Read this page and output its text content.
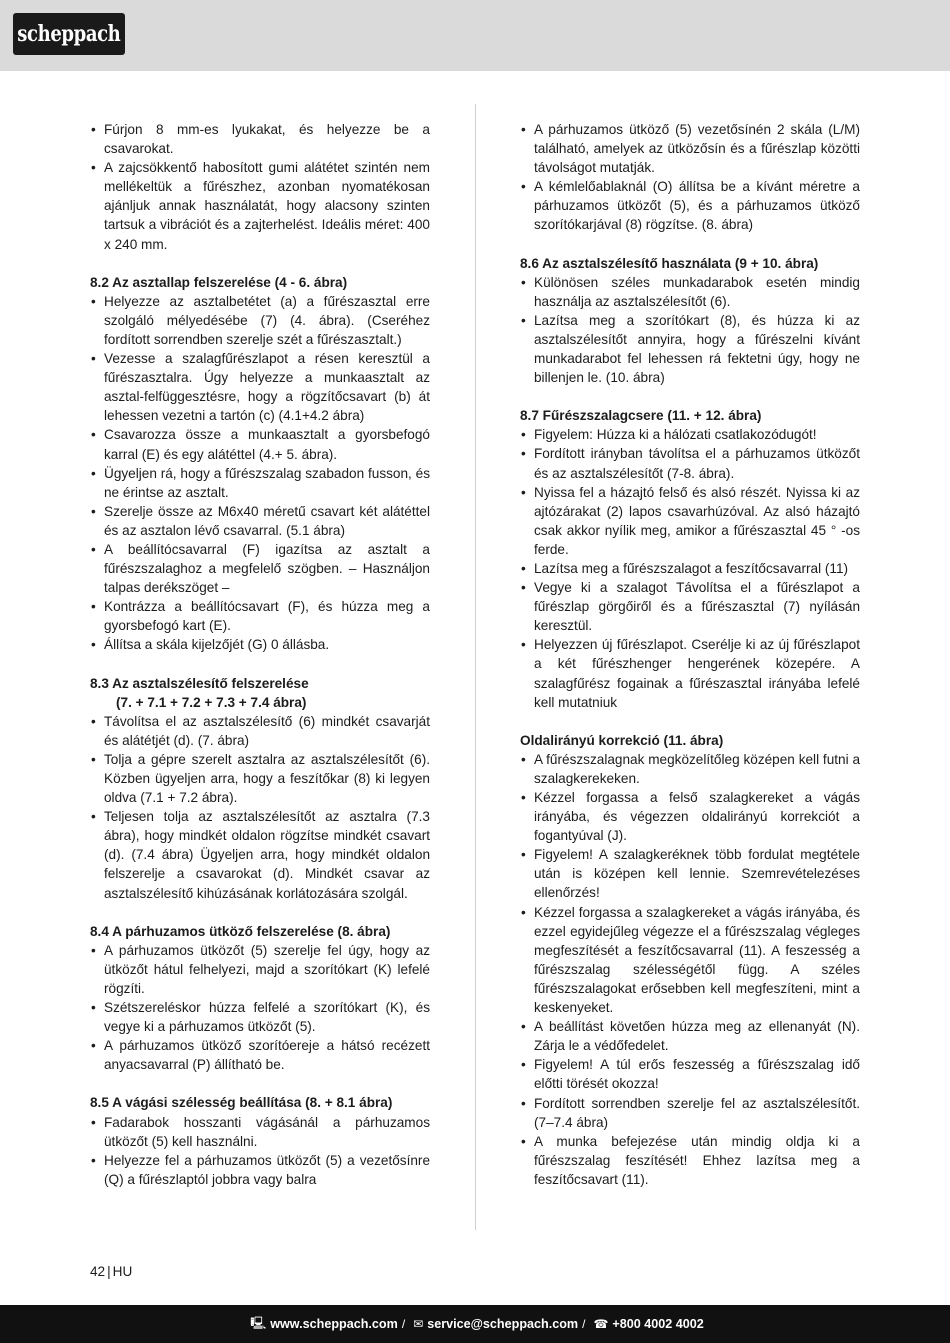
scheppach
• Fúrjon 8 mm-es lyukakat, és helyezze be a csavarokat.
• A zajcsökkentő habosított gumi alátétet szintén nem mellékeltük a fűrészhez, azonban nyomatékosan ajánljuk annak használatát, hogy alacsony szinten tartsuk a vibrációt és a zajterhelést. Ideális méret: 400 x 240 mm.
8.2 Az asztallap felszerelése (4 - 6. ábra)
• Helyezze az asztalbetétet (a) a fűrészasztal erre szolgáló mélyedésébe (7) (4. ábra). (Cseréhez fordított sorrendben szerelje szét a fűrészasztalt.)
• Vezesse a szalagfűrészlapot a résen keresztül a fűrészasztalra. Úgy helyezze a munkaasztalt az asztal-felfüggesztésre, hogy a rögzítőcsavart (b) át lehessen vezetni a tartón (c) (4.1+4.2 ábra)
• Csavarozza össze a munkaasztalt a gyorsbefogó karral (E) és egy alátéttel (4.+ 5. ábra).
• Ügyeljen rá, hogy a fűrészszalag szabadon fusson, és ne érintse az asztalt.
• Szerelje össze az M6x40 méretű csavart két alátéttel és az asztalon lévő csavarral. (5.1 ábra)
• A beállítócsavarral (F) igazítsa az asztalt a fűrészszalaghoz a megfelelő szögben. – Használjon talpas derékszöget –
• Kontrázza a beállítócsavart (F), és húzza meg a gyorsbefogó kart (E).
• Állítsa a skála kijelzőjét (G) 0 állásba.
8.3 Az asztalszélesítő felszerelése
(7. + 7.1 + 7.2 + 7.3 + 7.4 ábra)
• Távolítsa el az asztalszélesítő (6) mindkét csavarját és alátétjét (d). (7. ábra)
• Tolja a gépre szerelt asztalra az asztalszélesítőt (6). Közben ügyeljen arra, hogy a feszítőkar (8) ki legyen oldva (7.1 + 7.2 ábra).
• Teljesen tolja az asztalszélesítőt az asztalra (7.3 ábra), hogy mindkét oldalon rögzítse mindkét csavart (d). (7.4 ábra) Ügyeljen arra, hogy mindkét oldalon felszerelje a csavarokat (d). Mindkét csavar az asztalszélesítő kihúzásának korlátozására szolgál.
8.4 A párhuzamos ütköző felszerelése (8. ábra)
• A párhuzamos ütközőt (5) szerelje fel úgy, hogy az ütközőt hátul felhelyezi, majd a szorítókart (K) lefelé rögzíti.
• Szétszereléskor húzza felfelé a szorítókart (K), és vegye ki a párhuzamos ütközőt (5).
• A párhuzamos ütköző szorítóereje a hátsó recézett anyacsavarral (P) állítható be.
8.5 A vágási szélesség beállítása (8. + 8.1 ábra)
• Fadarabok hosszanti vágásánál a párhuzamos ütközőt (5) kell használni.
• Helyezze fel a párhuzamos ütközőt (5) a vezetősínre (Q) a fűrészlaptól jobbra vagy balra
• A párhuzamos ütköző (5) vezetősínén 2 skála (L/M) található, amelyek az ütközősín és a fűrészlap közötti távolságot mutatják.
• A kémlelőablaknál (O) állítsa be a kívánt méretre a párhuzamos ütközőt (5), és a párhuzamos ütköző szorítókarjával (8) rögzítse. (8. ábra)
8.6 Az asztalszélesítő használata (9 + 10. ábra)
• Különösen széles munkadarabok esetén mindig használja az asztalszélesítőt (6).
• Lazítsa meg a szorítókart (8), és húzza ki az asztalszélesítőt annyira, hogy a fűrészelni kívánt munkadarabot fel lehessen rá fektetni úgy, hogy ne billenjen le. (10. ábra)
8.7 Fűrészszalagcsere (11. + 12. ábra)
• Figyelem: Húzza ki a hálózati csatlakozódugót!
• Fordított irányban távolítsa el a párhuzamos ütközőt és az asztalszélesítőt (7-8. ábra).
• Nyissa fel a házajtó felső és alsó részét. Nyissa ki az ajtózárakat (2) lapos csavarhúzóval. Az alsó házajtó csak akkor nyílik meg, amikor a fűrészasztal 45 ° -os ferde.
• Lazítsa meg a fűrészszalagot a feszítőcsavarral (11)
• Vegye ki a szalagot Távolítsa el a fűrészlapot a fűrészlap görgőiről és a fűrészasztal (7) nyílásán keresztül.
• Helyezzen új fűrészlapot. Cserélje ki az új fűrészlapot a két fűrészhenger hengerének közepére. A szalagfűrész fogainak a fűrészasztal irányába lefelé kell mutatniuk
Oldalirányú korrekció (11. ábra)
• A fűrészszalagnak megközelítőleg középen kell futni a szalagkerekeken.
• Kézzel forgassa a felső szalagkereket a vágás irányába, és végezzen oldalirányú korrekciót a fogantyúval (J).
• Figyelem! A szalagkeréknek több fordulat megtétele után is középen kell lennie. Szemrevételezéses ellenőrzés!
• Kézzel forgassa a szalagkereket a vágás irányába, és ezzel egyidejűleg végezze el a fűrészszalag végleges megfeszítését a feszítőcsavarral (11). A feszesség a fűrészszalag szélességétől függ. A széles fűrészszalagokat erősebben kell megfeszíteni, mint a keskenyeket.
• A beállítást követően húzza meg az ellenanyát (N). Zárja le a védőfedelet.
• Figyelem! A túl erős feszesség a fűrészszalag idő előtti törését okozza!
• Fordított sorrendben szerelje fel az asztalszélesítőt. (7–7.4 ábra)
• A munka befejezése után mindig oldja ki a fűrészszalag feszítését! Ehhez lazítsa meg a feszítőcsavart (11).
42 | HU
🖳 www.scheppach.com / ✉ service@scheppach.com / ☎ +800 4002 4002
